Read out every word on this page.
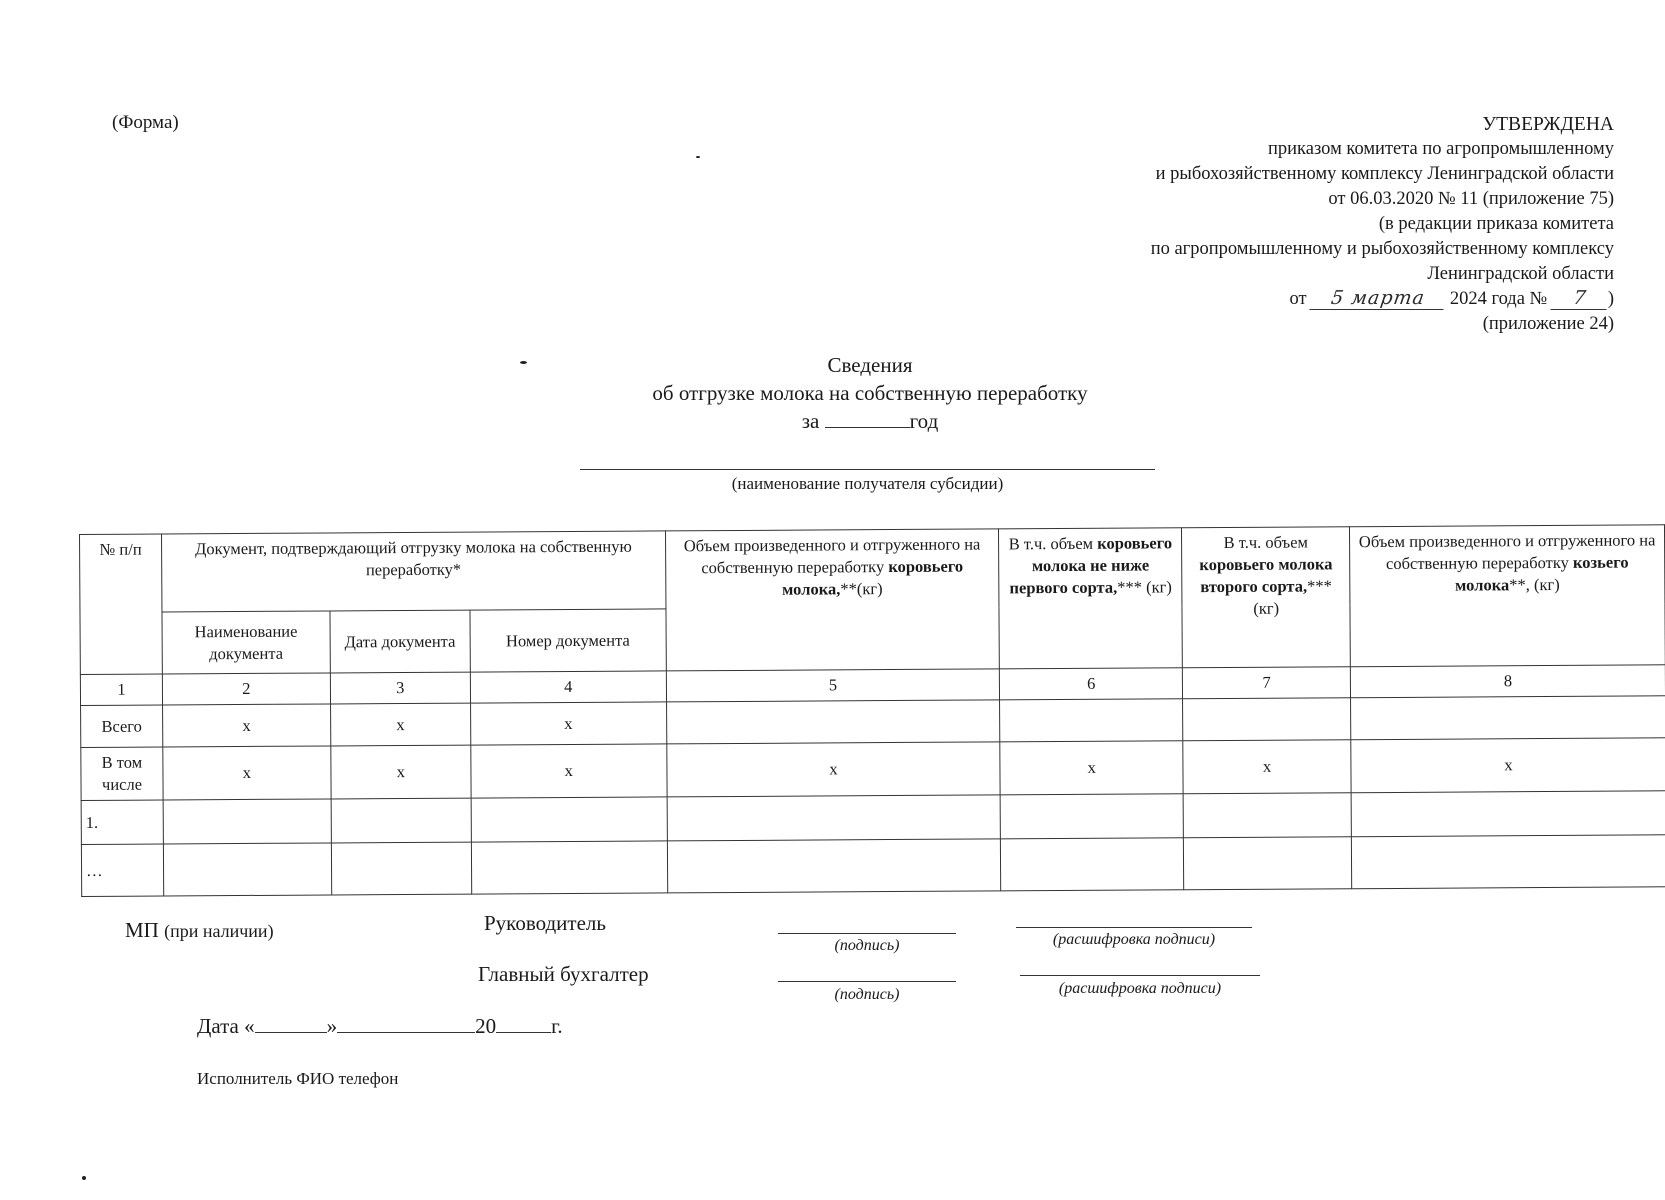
(Форма)	УТВЕРЖДЕНА
приказом комитета по агропромышленному
и рыбохозяйственному комплексу Ленинградской области
от 06.03.2020 № 11 (приложение 75)
(в редакции приказа комитета
по агропромышленному и рыбохозяйственному комплексу
Ленинградской области
от 5 марта 2024 года № 7 )
(приложение 24)
Сведения
об отгрузке молока на собственную переработку
за	год
(наименование получателя субсидии)
№ п/п	Документ, подтверждающий отгрузку молока на собственную переработку*			Объем произведенного и отгруженного на собственную переработку коровьего молока,**(кг)	В т.ч. объем коровьего молока не ниже первого сорта,*** (кг)	В т.ч. объем коровьего молока второго сорта,*** (кг)	Объем произведенного и отгруженного на собственную переработку козьего молока**, (кг)
	Наименование документа	Дата документа	Номер документа				
1	2	3	4	5	6	7	8
Всего	х	х	х				
В том числе	х	х	х	х	х	х	х
1.							
…							
МП (при наличии)	Руководитель
(подпись)	(расшифровка подписи)
Главный бухгалтер
(подпись)	(расшифровка подписи)
Дата «	»	20	г.
Исполнитель ФИО телефон
